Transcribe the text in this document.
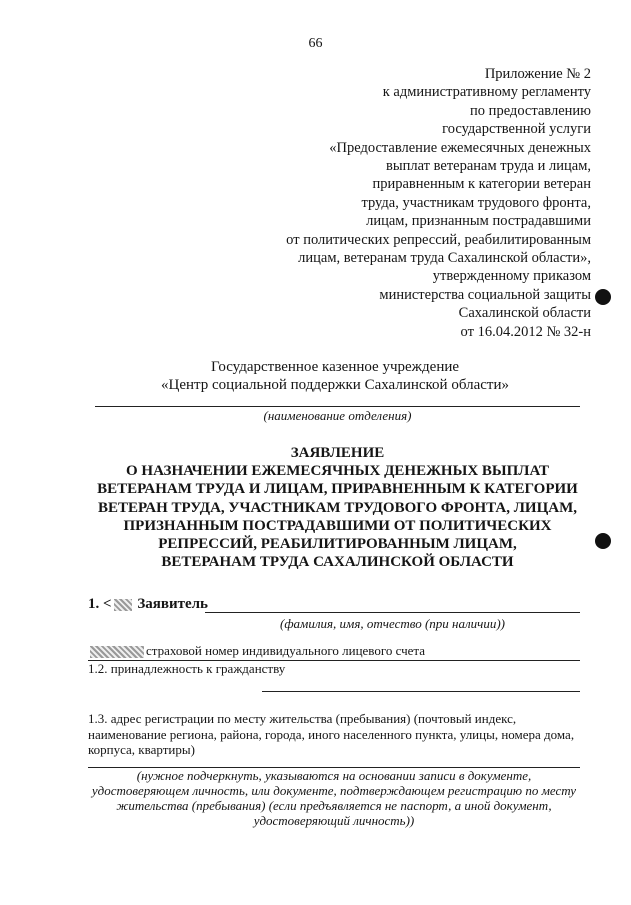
66
Приложение № 2
к административному регламенту
по предоставлению
государственной услуги
«Предоставление ежемесячных денежных
выплат ветеранам труда и лицам,
приравненным к категории ветеран
труда, участникам трудового фронта,
лицам, признанным пострадавшими
от политических репрессий, реабилитированным
лицам, ветеранам труда Сахалинской области»,
утвержденному приказом
министерства социальной защиты
Сахалинской области
от 16.04.2012 № 32-н
Государственное казенное учреждение
«Центр социальной поддержки Сахалинской области»
(наименование отделения)
ЗАЯВЛЕНИЕ
О НАЗНАЧЕНИИ ЕЖЕМЕСЯЧНЫХ ДЕНЕЖНЫХ ВЫПЛАТ
ВЕТЕРАНАМ ТРУДА И ЛИЦАМ, ПРИРАВНЕННЫМ К КАТЕГОРИИ
ВЕТЕРАН ТРУДА, УЧАСТНИКАМ ТРУДОВОГО ФРОНТА, ЛИЦАМ,
ПРИЗНАННЫМ ПОСТРАДАВШИМИ ОТ ПОЛИТИЧЕСКИХ
РЕПРЕССИЙ, РЕАБИЛИТИРОВАННЫМ ЛИЦАМ,
ВЕТЕРАНАМ ТРУДА САХАЛИНСКОЙ ОБЛАСТИ
1. < Заявитель
(фамилия, имя, отчество (при наличии))
страховой номер индивидуального лицевого счета
1.2. принадлежность к гражданству
1.3. адрес регистрации по месту жительства (пребывания) (почтовый индекс, наименование региона, района, города, иного населенного пункта, улицы, номера дома, корпуса, квартиры)
(нужное подчеркнуть, указываются на основании записи в документе, удостоверяющем личность, или документе, подтверждающем регистрацию по месту жительства (пребывания) (если предъявляется не паспорт, а иной документ, удостоверяющий личность))
